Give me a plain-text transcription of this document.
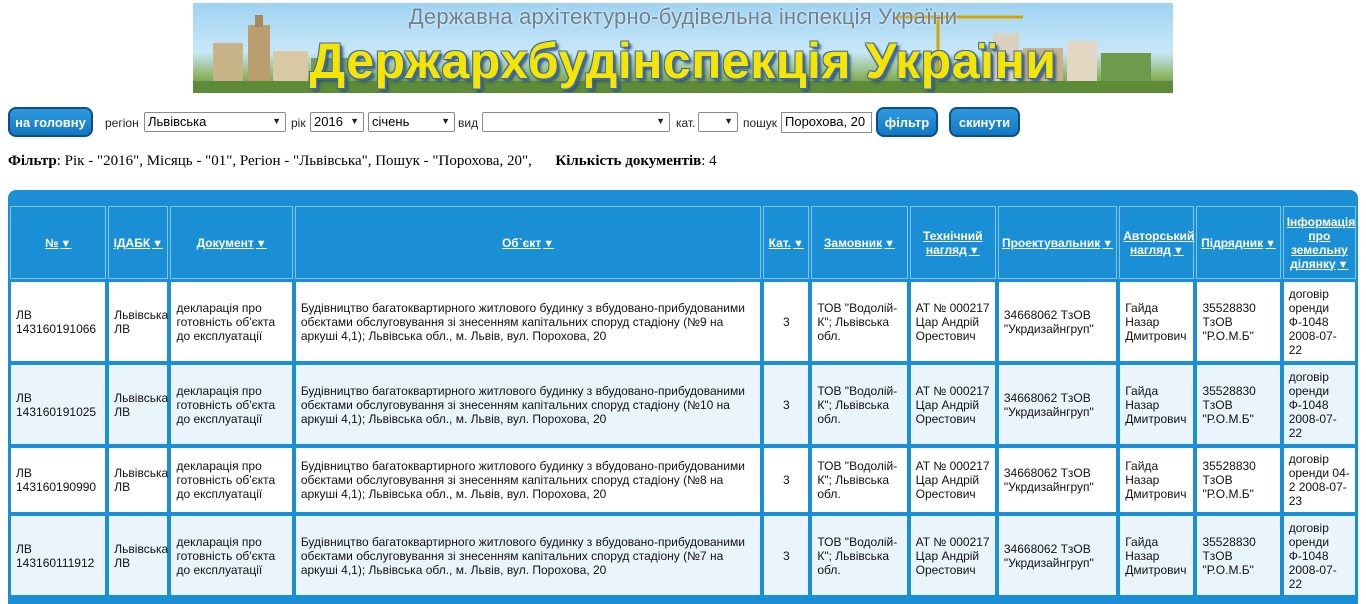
Державна архітектурно-будівельна інспекція України
Держархбудінспекція України
на головну	регіон Львівська	▼ рік 2016 ▼	січень	▼ вид	▼ кат.	▼ пошук Порохова, 20	фільтр	скинути
Фільтр: Рік - "2016", Місяць - "01", Регіон - "Львівська", Пошук - "Порохова, 20", Кількість документів: 4
№ ▼	ІДАБК ▼	Документ ▼	Об`єкт ▼	Кат. ▼	Замовник ▼	Технічний нагляд ▼	Проектувальник ▼	Авторський нагляд ▼	Підрядник ▼	Інформація про земельну ділянку ▼
ЛВ 143160191066	Львівська ЛВ	декларація про готовність об'єкта до експлуатації	Будівництво багатоквартирного житлового будинку з вбудовано-прибудованими обєктами обслуговування зі знесенням капітальних споруд стадіону (№9 на аркуші 4,1); Львівська обл., м. Львів, вул. Порохова, 20	3	ТОВ "Водолій-К"; Львівська обл.	АТ № 000217 Цар Андрій Орестович	34668062 ТзОВ "Укрдизайнгруп"	Гайда Назар Дмитрович	35528830 ТзОВ "Р.О.М.Б"	договір оренди Ф-1048 2008-07-22
ЛВ 143160191025	Львівська ЛВ	декларація про готовність об'єкта до експлуатації	Будівництво багатоквартирного житлового будинку з вбудовано-прибудованими обєктами обслуговування зі знесенням капітальних споруд стадіону (№10 на аркуші 4,1); Львівська обл., м. Львів, вул. Порохова, 20	3	ТОВ "Водолій-К"; Львівська обл.	АТ № 000217 Цар Андрій Орестович	34668062 ТзОВ "Укрдизайнгруп"	Гайда Назар Дмитрович	35528830 ТзОВ "Р.О.М.Б"	договір оренди Ф-1048 2008-07-22
ЛВ 143160190990	Львівська ЛВ	декларація про готовність об'єкта до експлуатації	Будівництво багатоквартирного житлового будинку з вбудовано-прибудованими обєктами обслуговування зі знесенням капітальних споруд стадіону (№8 на аркуші 4,1); Львівська обл., м. Львів, вул. Порохова, 20	3	ТОВ "Водолій-К"; Львівська обл.	АТ № 000217 Цар Андрій Орестович	34668062 ТзОВ "Укрдизайнгруп"	Гайда Назар Дмитрович	35528830 ТзОВ "Р.О.М.Б"	договір оренди 04-2 2008-07-23
ЛВ 143160111912	Львівська ЛВ	декларація про готовність об'єкта до експлуатації	Будівництво багатоквартирного житлового будинку з вбудовано-прибудованими обєктами обслуговування зі знесенням капітальних споруд стадіону (№7 на аркуші 4,1); Львівська обл., м. Львів, вул. Порохова, 20	3	ТОВ "Водолій-К"; Львівська обл.	АТ № 000217 Цар Андрій Орестович	34668062 ТзОВ "Укрдизайнгруп"	Гайда Назар Дмитрович	35528830 ТзОВ "Р.О.М.Б"	договір оренди Ф-1048 2008-07-22
